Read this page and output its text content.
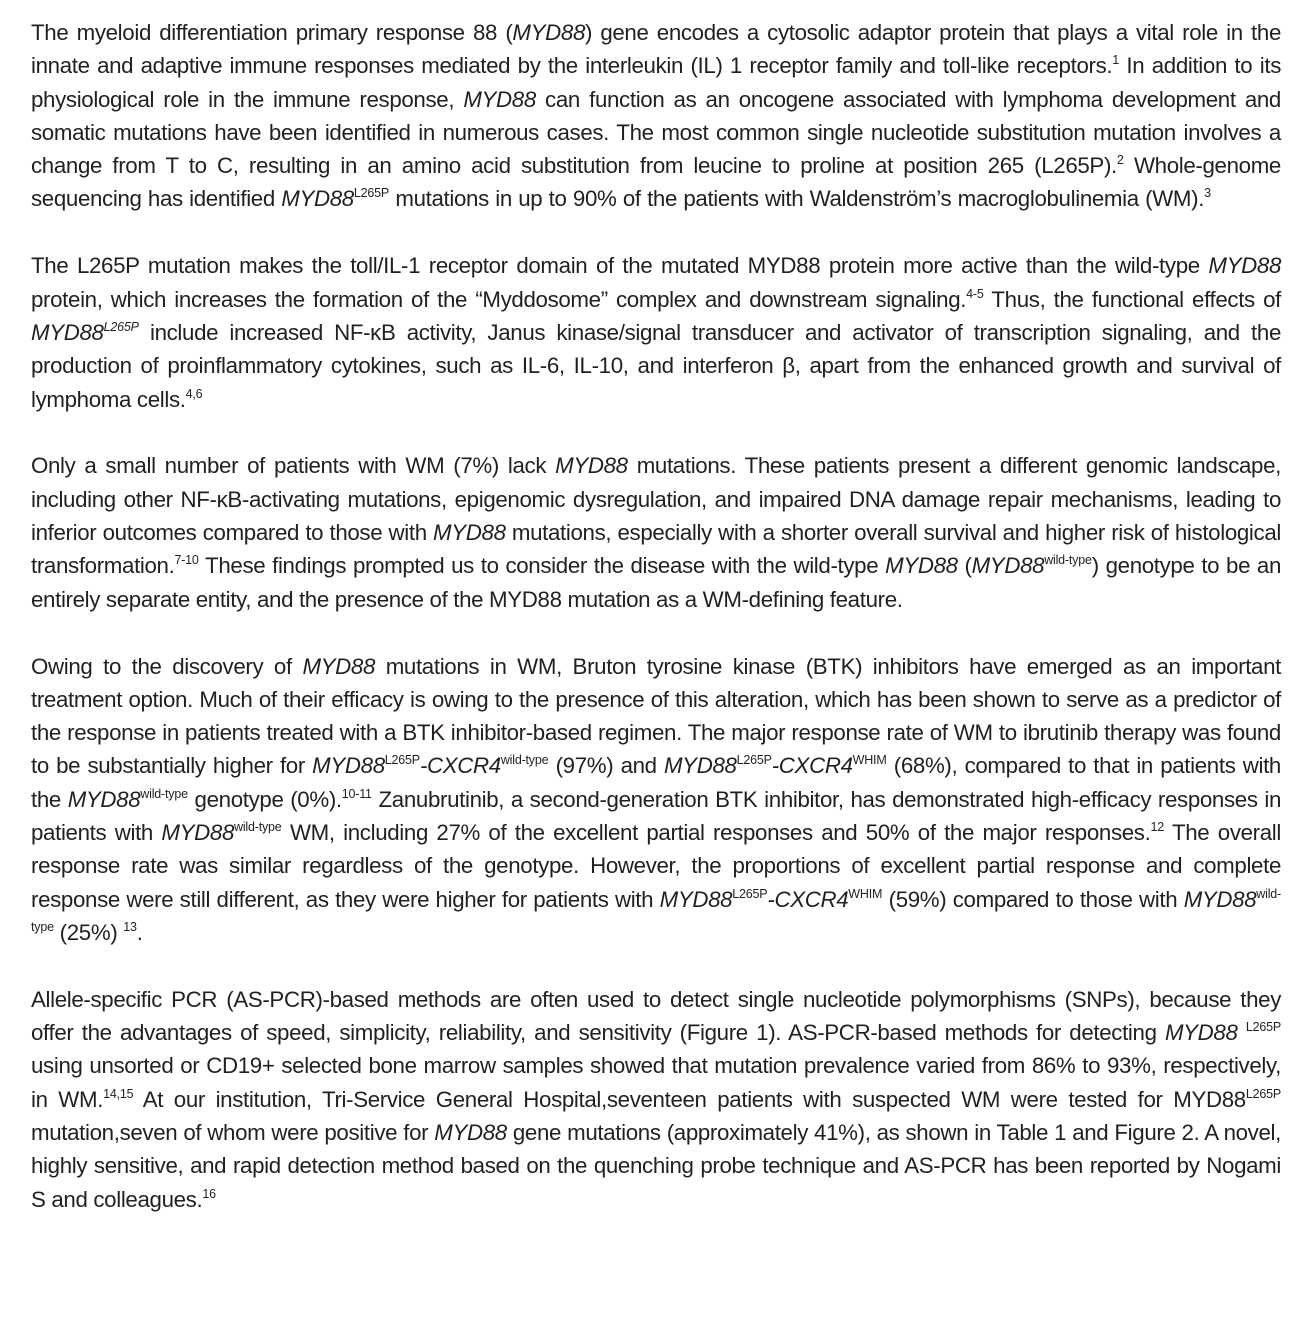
The myeloid differentiation primary response 88 (MYD88) gene encodes a cytosolic adaptor protein that plays a vital role in the innate and adaptive immune responses mediated by the interleukin (IL) 1 receptor family and toll-like receptors.$^1$ In addition to its physiological role in the immune response, MYD88 can function as an oncogene associated with lymphoma development and somatic mutations have been identified in numerous cases. The most common single nucleotide substitution mutation involves a change from T to C, resulting in an amino acid substitution from leucine to proline at position 265 (L265P).$^2$ Whole-genome sequencing has identified $MYD88^{L265P}$ mutations in up to 90% of the patients with Waldenström’s macroglobulinemia (WM).$^3$

The L265P mutation makes the toll/IL-1 receptor domain of the mutated MYD88 protein more active than the wild-type MYD88 protein, which increases the formation of the “Myddosome” complex and downstream signaling.$^{4-5}$ Thus, the functional effects of $MYD88^{L265P}$ include increased NF-κB activity, Janus kinase/signal transducer and activator of transcription signaling, and the production of proinflammatory cytokines, such as IL-6, IL-10, and interferon β, apart from the enhanced growth and survival of lymphoma cells.$^{4,6}$

Only a small number of patients with WM (7%) lack MYD88 mutations. These patients present a different genomic landscape, including other NF-κB-activating mutations, epigenomic dysregulation, and impaired DNA damage repair mechanisms, leading to inferior outcomes compared to those with MYD88 mutations, especially with a shorter overall survival and higher risk of histological transformation.$^{7-10}$ These findings prompted us to consider the disease with the wild-type MYD88 $(MYD88^{wild-type})$ genotype to be an entirely separate entity, and the presence of the MYD88 mutation as a WM-defining feature.

Owing to the discovery of MYD88 mutations in WM, Bruton tyrosine kinase (BTK) inhibitors have emerged as an important treatment option. Much of their efficacy is owing to the presence of this alteration, which has been shown to serve as a predictor of the response in patients treated with a BTK inhibitor-based regimen. The major response rate of WM to ibrutinib therapy was found to be substantially higher for $MYD88^{L265P}-CXCR4^{wild-type}$ (97%) and $MYD88^{L265P}-CXCR4^{WHIM}$ (68%), compared to that in patients with the $MYD88^{wild-type}$ genotype (0%).$^{10-11}$ Zanubrutinib, a second-generation BTK inhibitor, has demonstrated high-efficacy responses in patients with $MYD88^{wild-type}$ WM, including 27% of the excellent partial responses and 50% of the major responses.$^{12}$ The overall response rate was similar regardless of the genotype. However, the proportions of excellent partial response and complete response were still different, as they were higher for patients with $MYD88^{L265P}-CXCR4^{WHIM}$ (59%) compared to those with $MYD88^{wild-type}$ (25%) $^{13}$.

Allele-specific PCR (AS-PCR)-based methods are often used to detect single nucleotide polymorphisms (SNPs), because they offer the advantages of speed, simplicity, reliability, and sensitivity (Figure 1). AS-PCR-based methods for detecting MYD88 $^{L265P}$ using unsorted or CD19+ selected bone marrow samples showed that mutation prevalence varied from 86% to 93%, respectively, in WM.$^{14,15}$ At our institution, Tri-Service General Hospital,seventeen patients with suspected WM were tested for $MYD88^{L265P}$ mutation,seven of whom were positive for MYD88 gene mutations (approximately 41%), as shown in Table 1 and Figure 2. A novel, highly sensitive, and rapid detection method based on the quenching probe technique and AS-PCR has been reported by Nogami S and colleagues.$^{16}$
